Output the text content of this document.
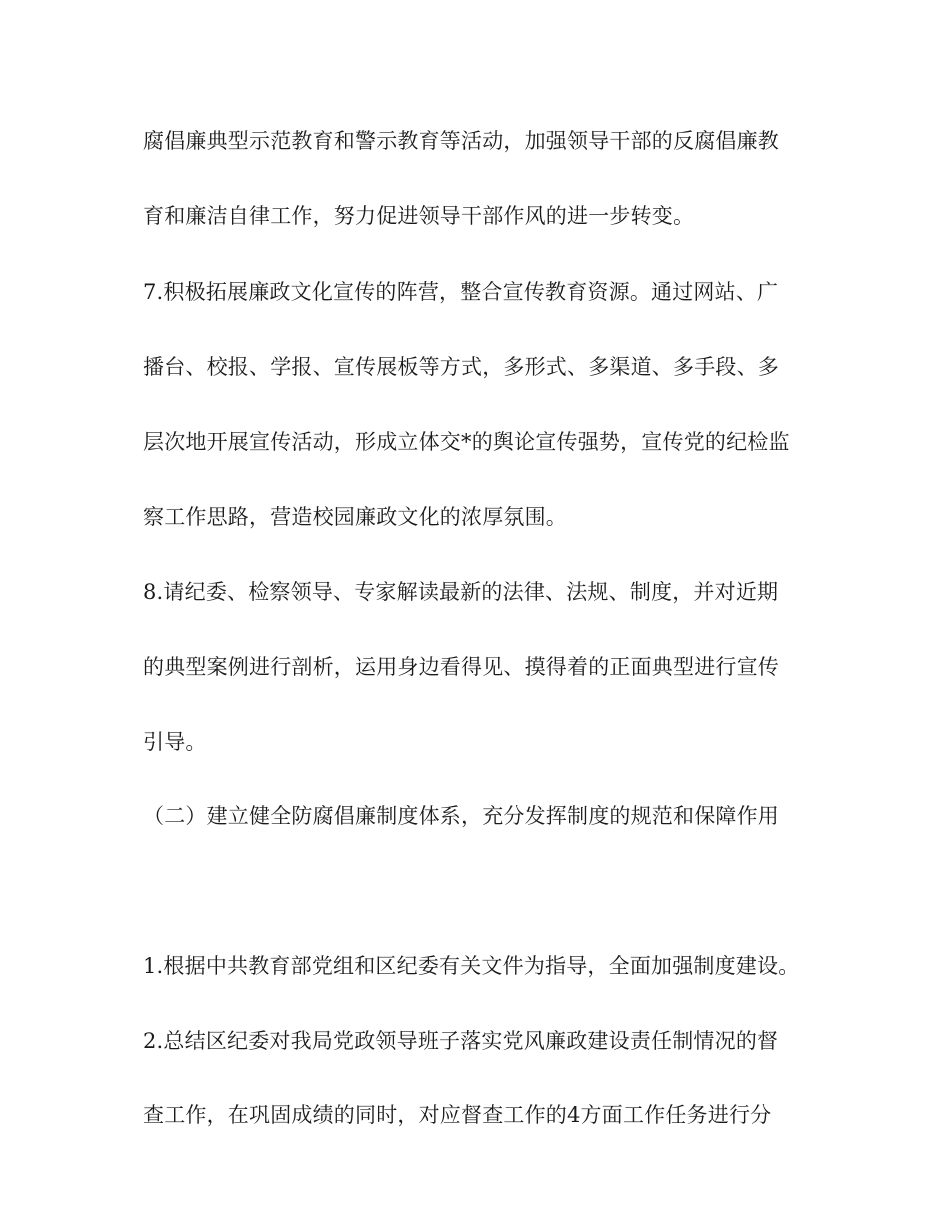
腐倡廉典型示范教育和警示教育等活动，加强领导干部的反腐倡廉教
育和廉洁自律工作，努力促进领导干部作风的进一步转变。
7.积极拓展廉政文化宣传的阵营，整合宣传教育资源。通过网站、广
播台、校报、学报、宣传展板等方式，多形式、多渠道、多手段、多
层次地开展宣传活动，形成立体交*的舆论宣传强势，宣传党的纪检监
察工作思路，营造校园廉政文化的浓厚氛围。
8.请纪委、检察领导、专家解读最新的法律、法规、制度，并对近期
的典型案例进行剖析，运用身边看得见、摸得着的正面典型进行宣传
引导。
（二）建立健全防腐倡廉制度体系，充分发挥制度的规范和保障作用
1.根据中共教育部党组和区纪委有关文件为指导，全面加强制度建设。
2.总结区纪委对我局党政领导班子落实党风廉政建设责任制情况的督
查工作，在巩固成绩的同时，对应督查工作的4方面工作任务进行分
